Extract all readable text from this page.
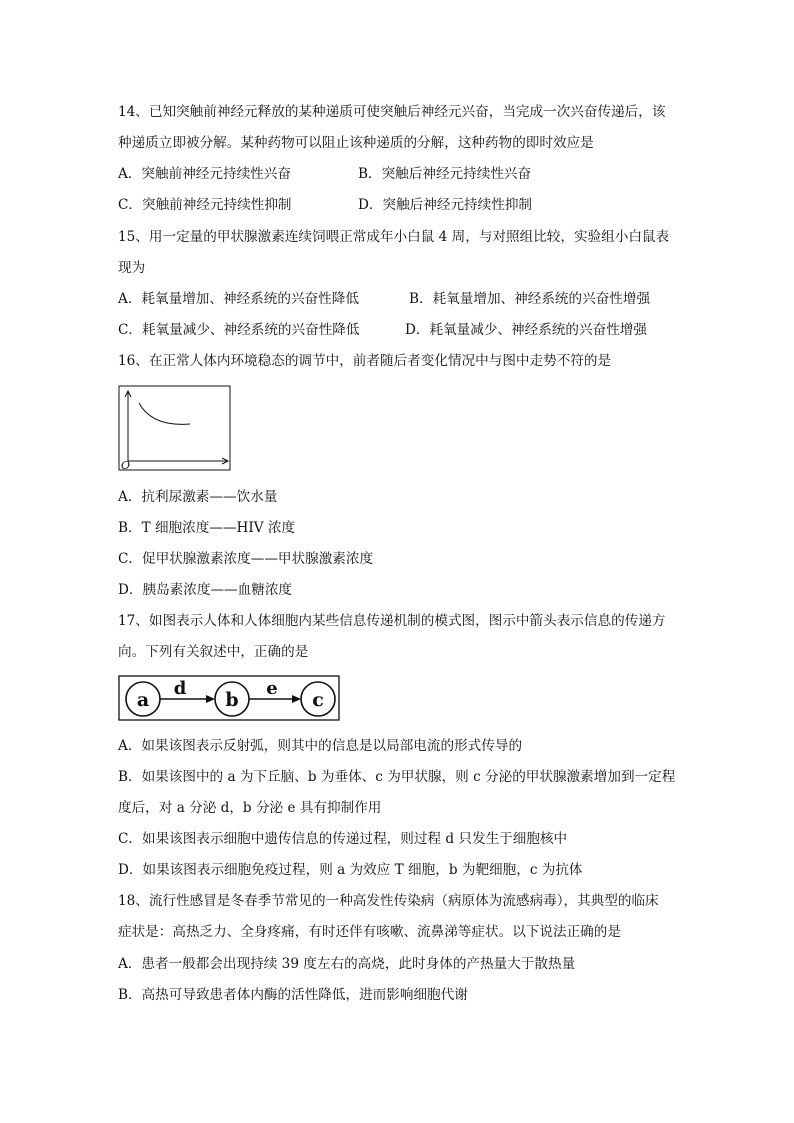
14、已知突触前神经元释放的某种递质可使突触后神经元兴奋，当完成一次兴奋传递后，该
种递质立即被分解。某种药物可以阻止该种递质的分解，这种药物的即时效应是
A．突触前神经元持续性兴奋	B．突触后神经元持续性兴奋
C．突触前神经元持续性抑制	D．突触后神经元持续性抑制
15、用一定量的甲状腺激素连续饲喂正常成年小白鼠 4 周，与对照组比较，实验组小白鼠表
现为
A．耗氧量增加、神经系统的兴奋性降低	B．耗氧量增加、神经系统的兴奋性增强
C．耗氧量减少、神经系统的兴奋性降低	D．耗氧量减少、神经系统的兴奋性增强
16、在正常人体内环境稳态的调节中，前者随后者变化情况中与图中走势不符的是
O
A．抗利尿激素——饮水量
B．T 细胞浓度——HIV 浓度
C．促甲状腺激素浓度——甲状腺激素浓度
D．胰岛素浓度——血糖浓度
17、如图表示人体和人体细胞内某些信息传递机制的模式图，图示中箭头表示信息的传递方
向。下列有关叙述中，正确的是
a	b	c
d	e
A．如果该图表示反射弧，则其中的信息是以局部电流的形式传导的
B．如果该图中的 a 为下丘脑、b 为垂体、c 为甲状腺，则 c 分泌的甲状腺激素增加到一定程
度后，对 a 分泌 d，b 分泌 e 具有抑制作用
C．如果该图表示细胞中遗传信息的传递过程，则过程 d 只发生于细胞核中
D．如果该图表示细胞免疫过程，则 a 为效应 T 细胞，b 为靶细胞，c 为抗体
18、流行性感冒是冬春季节常见的一种高发性传染病（病原体为流感病毒），其典型的临床
症状是：高热乏力、全身疼痛，有时还伴有咳嗽、流鼻涕等症状。以下说法正确的是
A．患者一般都会出现持续 39 度左右的高烧，此时身体的产热量大于散热量
B．高热可导致患者体内酶的活性降低，进而影响细胞代谢
